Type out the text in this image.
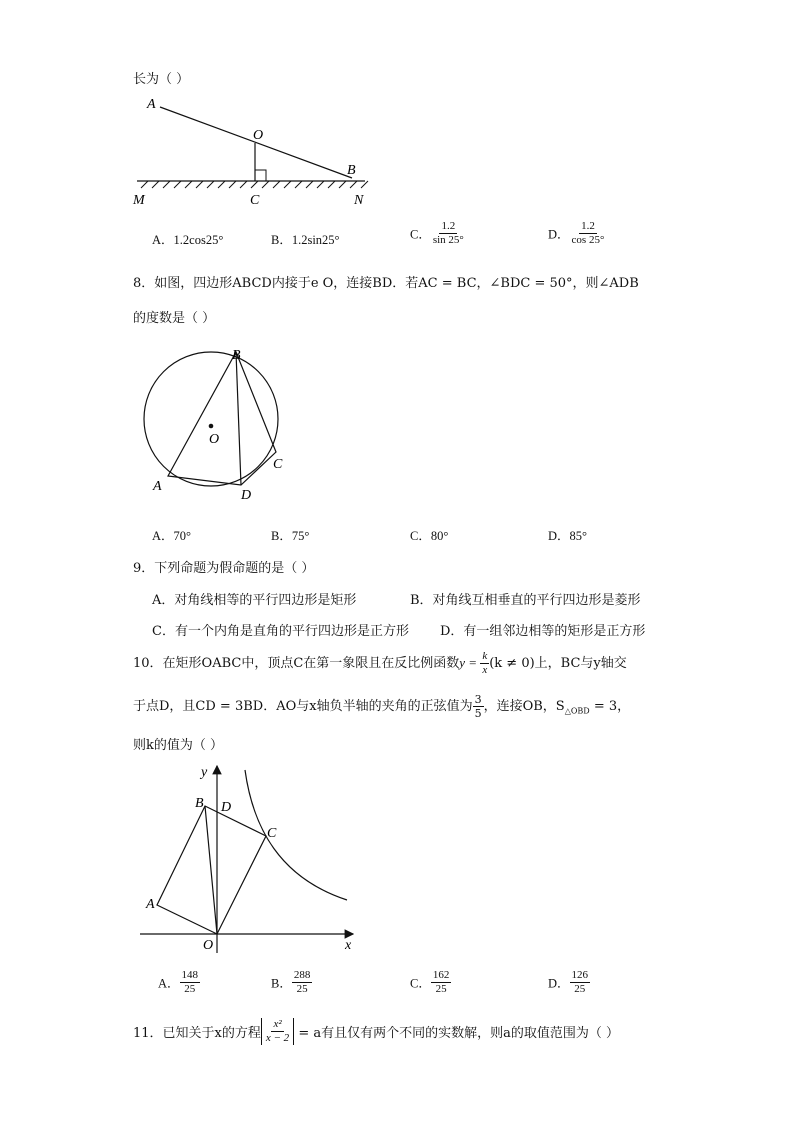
长为（ ）
A
O
B
M	C	N
A．1.2cos25°	B．1.2sin25°	C． $\frac{1.2}{\sin 25^\circ}$	D． $\frac{1.2}{\cos 25^\circ}$
8．如图，四边形ABCD内接于e O，连接BD．若AC = BC，∠BDC = 50°，则∠ADB
的度数是（ ）
B
O
C
A
D
A．70°	B．75°	C．80°	D．85°
9．下列命题为假命题的是（ ）
A．对角线相等的平行四边形是矩形	B．对角线互相垂直的平行四边形是菱形
C．有一个内角是直角的平行四边形是正方形 D．有一组邻边相等的矩形是正方形
10．在矩形OABC中，顶点C在第一象限且在反比例函数$y = \frac{k}{x} (k \ne 0)$上，BC与y轴交
于点D，且CD = 3BD．AO与x轴负半轴的夹角的正弦值为 $\frac{3}{5}$ ，连接OB，$S_{\triangle OBD} = 3$，
则k的值为（ ）
y
B D
C
A
O	x
A． $\frac{148}{25}$	B． $\frac{288}{25}$	C． $\frac{162}{25}$	D． $\frac{126}{25}$
11．已知关于x的方程 $\frac{\text{x²}}{x - 2} = a$有且仅有两个不同的实数解，则a的取值范围为（ ）
